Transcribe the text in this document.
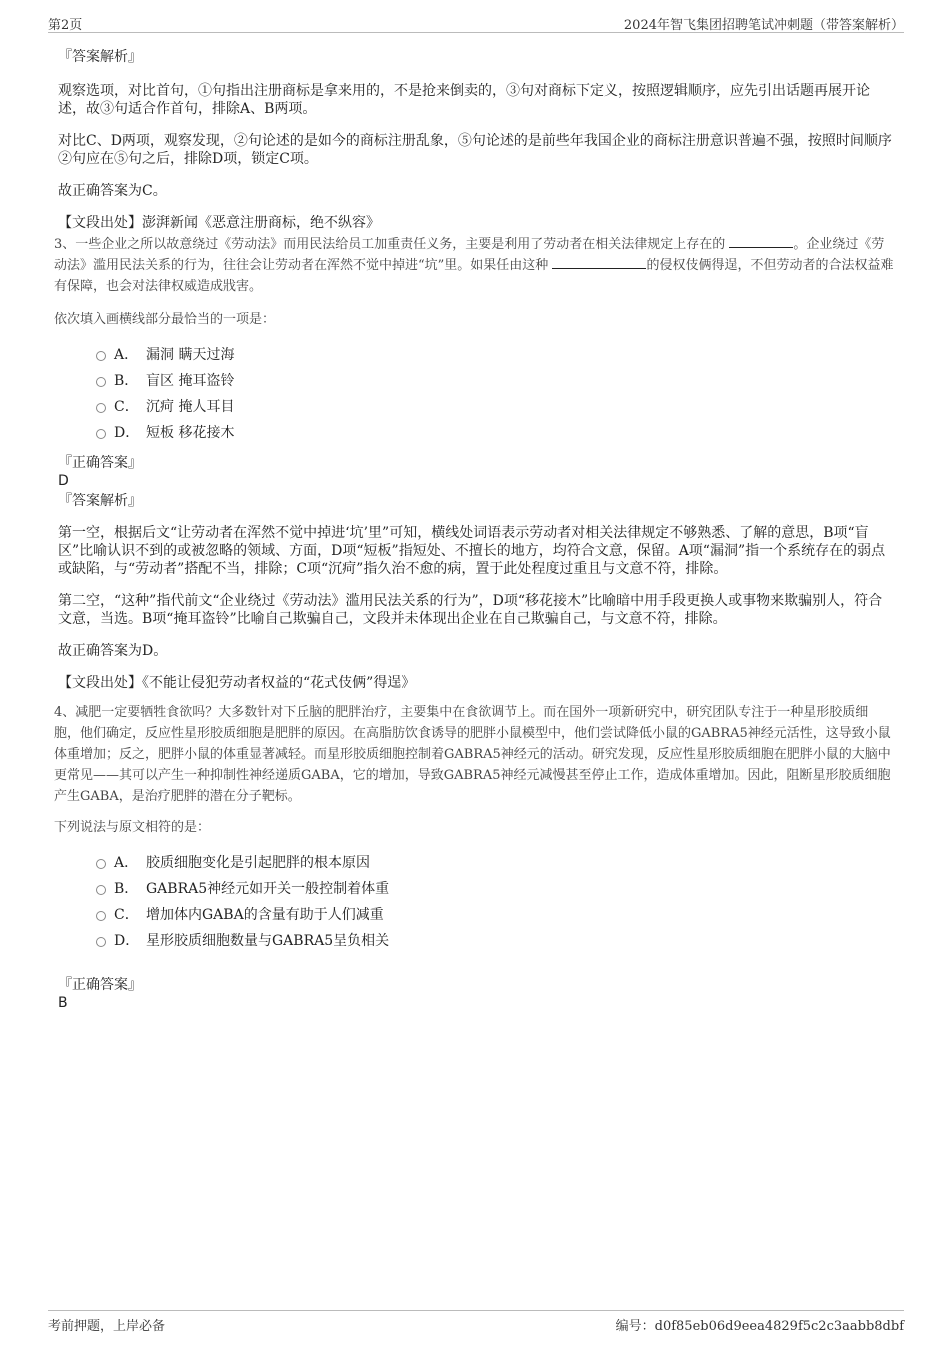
第2页	2024年智飞集团招聘笔试冲刺题（带答案解析）

『答案解析』

观察选项，对比首句，①句指出注册商标是拿来用的，不是抢来倒卖的，③句对商标下定义，按照逻辑顺序，应先引出话题再展开论述，故③句适合作首句，排除A、B两项。

对比C、D两项，观察发现，②句论述的是如今的商标注册乱象，⑤句论述的是前些年我国企业的商标注册意识普遍不强，按照时间顺序②句应在⑤句之后，排除D项，锁定C项。

故正确答案为C。

【文段出处】澎湃新闻《恶意注册商标，绝不纵容》

3、一些企业之所以故意绕过《劳动法》而用民法给员工加重责任义务，主要是利用了劳动者在相关法律规定上存在的	。企业绕过《劳动法》滥用民法关系的行为，往往会让劳动者在浑然不觉中掉进“坑”里。如果任由这种	的侵权伎俩得逞，不但劳动者的合法权益难有保障，也会对法律权威造成戕害。

依次填入画横线部分最恰当的一项是：

A． 漏洞 瞒天过海
B． 盲区 掩耳盗铃
C． 沉疴 掩人耳目
D． 短板 移花接木

『正确答案』

D

『答案解析』

第一空，根据后文“让劳动者在浑然不觉中掉进‘坑’里”可知，横线处词语表示劳动者对相关法律规定不够熟悉、了解的意思，B项“盲区”比喻认识不到的或被忽略的领域、方面，D项“短板”指短处、不擅长的地方，均符合文意，保留。A项“漏洞”指一个系统存在的弱点或缺陷，与“劳动者”搭配不当，排除；C项“沉疴”指久治不愈的病，置于此处程度过重且与文意不符，排除。

第二空，“这种”指代前文“企业绕过《劳动法》滥用民法关系的行为”，D项“移花接木”比喻暗中用手段更换人或事物来欺骗别人，符合文意，当选。B项“掩耳盗铃”比喻自己欺骗自己，文段并未体现出企业在自己欺骗自己，与文意不符，排除。

故正确答案为D。

【文段出处】《不能让侵犯劳动者权益的“花式伎俩”得逞》

4、减肥一定要牺牲食欲吗？大多数针对下丘脑的肥胖治疗，主要集中在食欲调节上。而在国外一项新研究中，研究团队专注于一种星形胶质细胞，他们确定，反应性星形胶质细胞是肥胖的原因。在高脂肪饮食诱导的肥胖小鼠模型中，他们尝试降低小鼠的GABRA5神经元活性，这导致小鼠体重增加；反之，肥胖小鼠的体重显著减轻。而星形胶质细胞控制着GABRA5神经元的活动。研究发现，反应性星形胶质细胞在肥胖小鼠的大脑中更常见——其可以产生一种抑制性神经递质GABA，它的增加，导致GABRA5神经元减慢甚至停止工作，造成体重增加。因此，阻断星形胶质细胞产生GABA，是治疗肥胖的潜在分子靶标。

下列说法与原文相符的是：

A． 胶质细胞变化是引起肥胖的根本原因
B． GABRA5神经元如开关一般控制着体重
C． 增加体内GABA的含量有助于人们减重
D． 星形胶质细胞数量与GABRA5呈负相关

『正确答案』

B

考前押题，上岸必备	编号：d0f85eb06d9eea4829f5c2c3aabb8dbf
